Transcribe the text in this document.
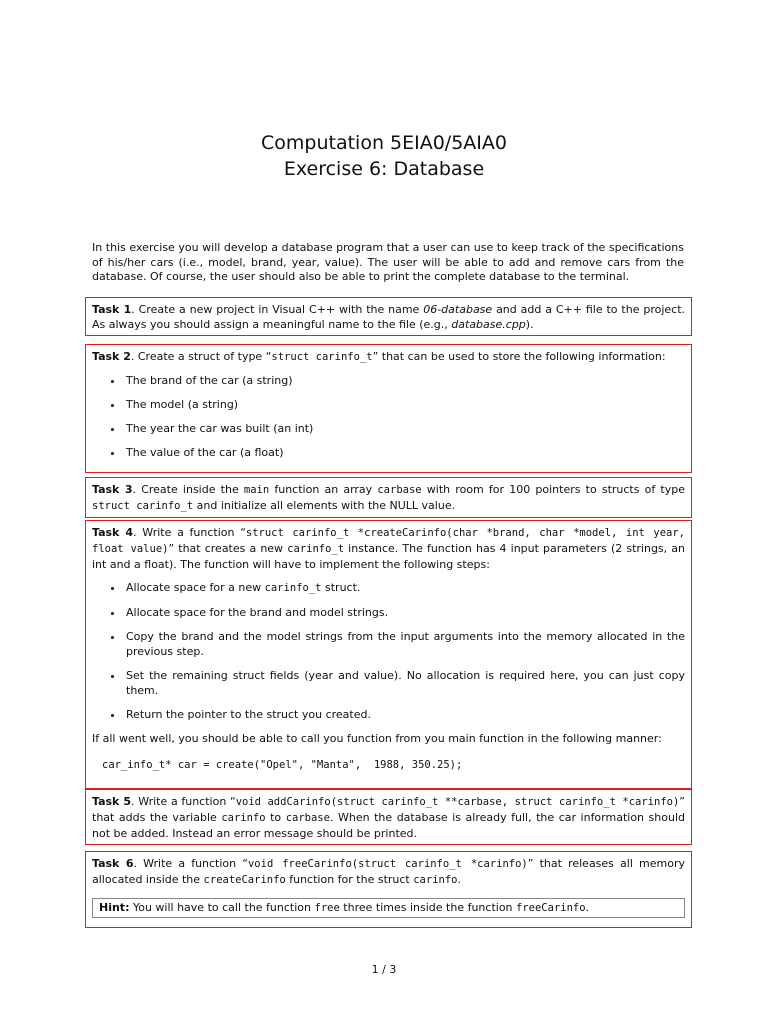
Computation 5EIA0/5AIA0
Exercise 6: Database
In this exercise you will develop a database program that a user can use to keep track of the specifications of his/her cars (i.e., model, brand, year, value). The user will be able to add and remove cars from the database. Of course, the user should also be able to print the complete database to the terminal.
Task 1. Create a new project in Visual C++ with the name 06-database and add a C++ file to the project. As always you should assign a meaningful name to the file (e.g., database.cpp).
Task 2. Create a struct of type “struct carinfo_t” that can be used to store the following information:
• The brand of the car (a string)
• The model (a string)
• The year the car was built (an int)
• The value of the car (a float)
Task 3. Create inside the main function an array carbase with room for 100 pointers to structs of type struct carinfo_t and initialize all elements with the NULL value.
Task 4. Write a function “struct carinfo_t *createCarinfo(char *brand, char *model, int year, float value)” that creates a new carinfo_t instance. The function has 4 input parameters (2 strings, an int and a float). The function will have to implement the following steps:
• Allocate space for a new carinfo_t struct.
• Allocate space for the brand and model strings.
• Copy the brand and the model strings from the input arguments into the memory allocated in the previous step.
• Set the remaining struct fields (year and value). No allocation is required here, you can just copy them.
• Return the pointer to the struct you created.
If all went well, you should be able to call you function from you main function in the following manner:
car_info_t* car = create("Opel", "Manta",  1988, 350.25);
Task 5. Write a function “void addCarinfo(struct carinfo_t **carbase, struct carinfo_t *carinfo)” that adds the variable carinfo to carbase. When the database is already full, the car information should not be added. Instead an error message should be printed.
Task 6. Write a function “void freeCarinfo(struct carinfo_t *carinfo)” that releases all memory allocated inside the createCarinfo function for the struct carinfo.
Hint: You will have to call the function free three times inside the function freeCarinfo.
1 / 3
